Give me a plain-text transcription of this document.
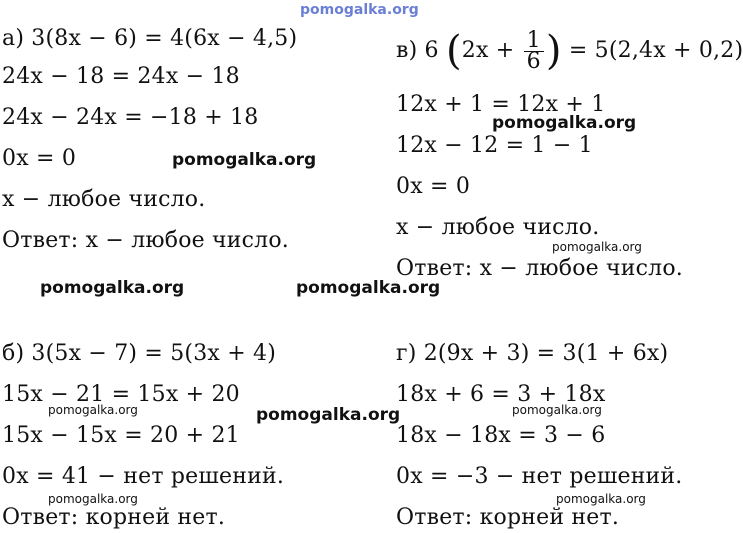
pomogalka.org
а) 3(8x − 6) = 4(6x − 4,5)
24x − 18 = 24x − 18
24x − 24x = −18 + 18
0x = 0
x − любое число.
Ответ: x − любое число.
в) 6 ($2x + \frac{1}{6}$ ) = 5(2,4x + 0,2)
12x + 1 = 12x + 1
12x − 12 = 1 − 1
0x = 0
x − любое число.
Ответ: x − любое число.
б) 3(5x − 7) = 5(3x + 4)
15x − 21 = 15x + 20
15x − 15x = 20 + 21
0x = 41 − нет решений.
Ответ: корней нет.
г) 2(9x + 3) = 3(1 + 6x)
18x + 6 = 3 + 18x
18x − 18x = 3 − 6
0x = −3 − нет решений.
Ответ: корней нет.
pomogalka.org
pomogalka.org
pomogalka.org	pomogalka.org
pomogalka.org
pomogalka.org
pomogalka.org	pomogalka.org
pomogalka.org	pomogalka.org
